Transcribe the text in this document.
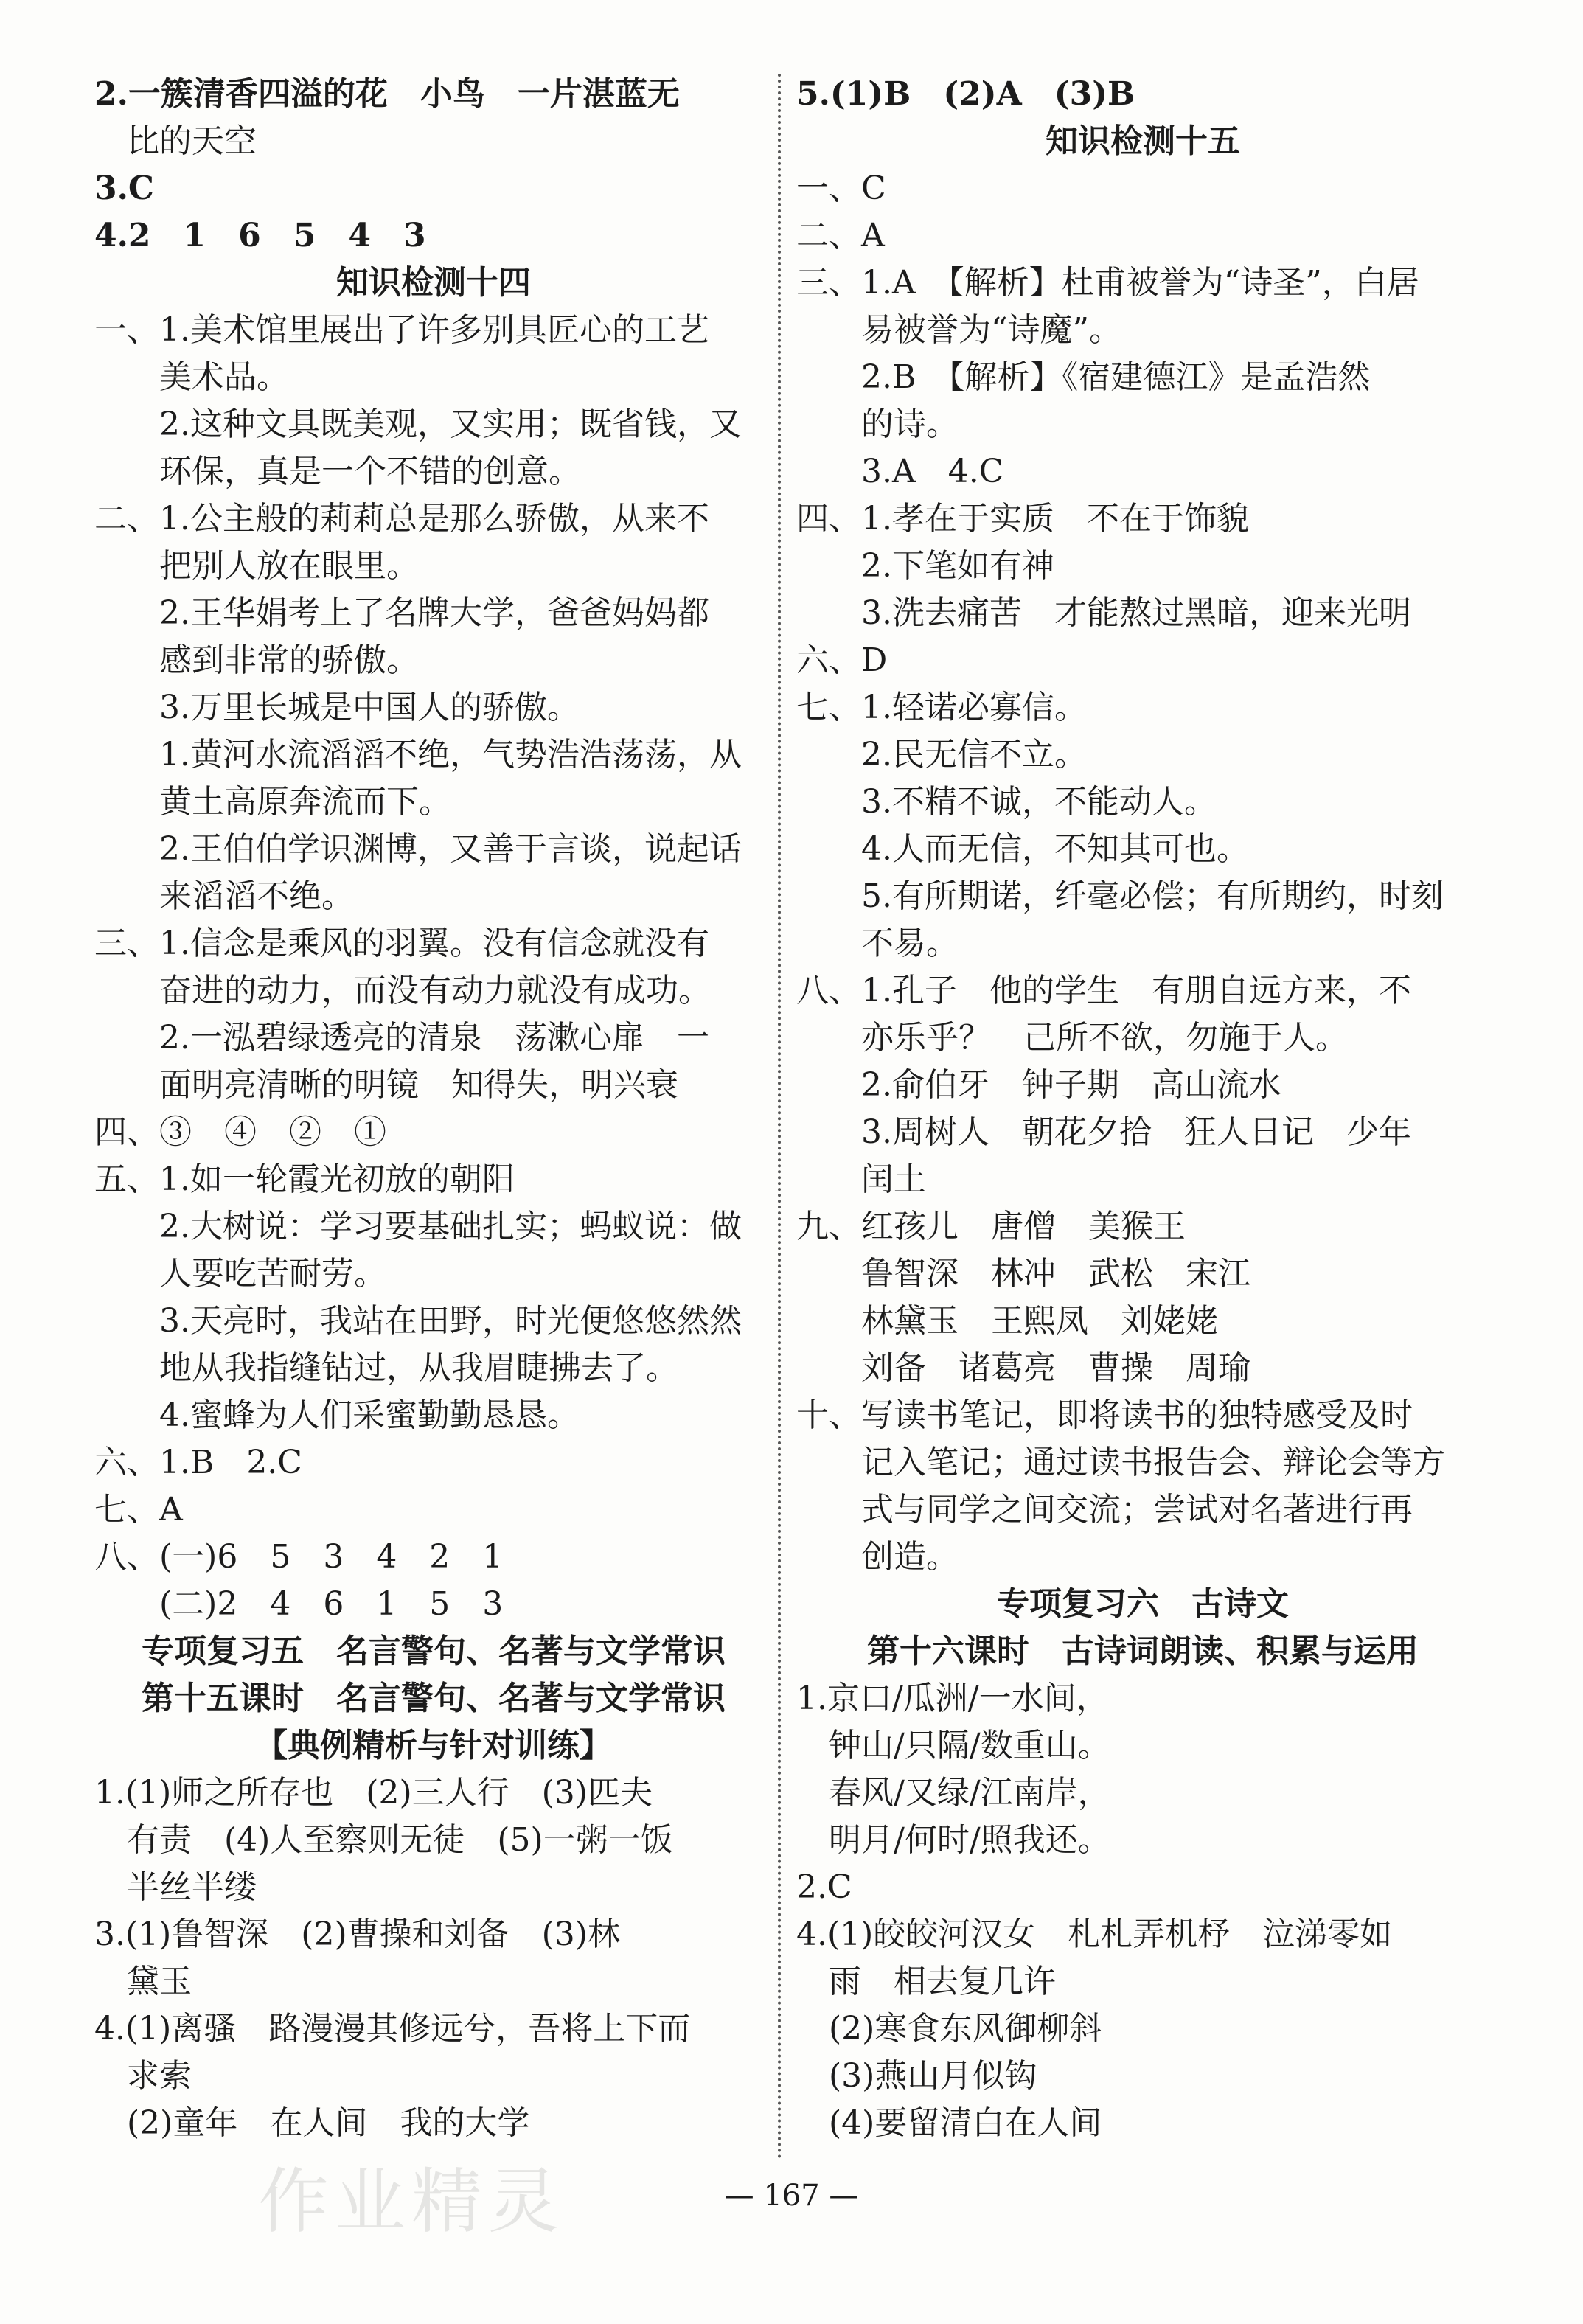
2.一簇清香四溢的花　小鸟　一片湛蓝无
　比的天空
3.C
4.2　1　6　5　4　3
知识检测十四
一、1.美术馆里展出了许多别具匠心的工艺
　　美术品。
　　2.这种文具既美观，又实用；既省钱，又
　　环保，真是一个不错的创意。
二、1.公主般的莉莉总是那么骄傲，从来不
　　把别人放在眼里。
　　2.王华娟考上了名牌大学，爸爸妈妈都
　　感到非常的骄傲。
　　3.万里长城是中国人的骄傲。
　　1.黄河水流滔滔不绝，气势浩浩荡荡，从
　　黄土高原奔流而下。
　　2.王伯伯学识渊博，又善于言谈，说起话
　　来滔滔不绝。
三、1.信念是乘风的羽翼。没有信念就没有
　　奋进的动力，而没有动力就没有成功。
　　2.一泓碧绿透亮的清泉　荡漱心扉　一
　　面明亮清晰的明镜　知得失，明兴衰
四、③　④　②　①
五、1.如一轮霞光初放的朝阳
　　2.大树说：学习要基础扎实；蚂蚁说：做
　　人要吃苦耐劳。
　　3.天亮时，我站在田野，时光便悠悠然然
　　地从我指缝钻过，从我眉睫拂去了。
　　4.蜜蜂为人们采蜜勤勤恳恳。
六、1.B　2.C
七、A
八、(一)6　5　3　4　2　1
　　(二)2　4　6　1　5　3
专项复习五　名言警句、名著与文学常识
第十五课时　名言警句、名著与文学常识
【典例精析与针对训练】
1.(1)师之所存也　(2)三人行　(3)匹夫
　有责　(4)人至察则无徒　(5)一粥一饭
　半丝半缕
3.(1)鲁智深　(2)曹操和刘备　(3)林
　黛玉
4.(1)离骚　路漫漫其修远兮，吾将上下而
　求索
　(2)童年　在人间　我的大学
5.(1)B　(2)A　(3)B
知识检测十五
一、C
二、A
三、1.A　【解析】杜甫被誉为“诗圣”，白居
　　易被誉为“诗魔”。
　　2.B　【解析】《宿建德江》是孟浩然
　　的诗。
　　3.A　4.C
四、1.孝在于实质　不在于饰貌
　　2.下笔如有神
　　3.洗去痛苦　才能熬过黑暗，迎来光明
六、D
七、1.轻诺必寡信。
　　2.民无信不立。
　　3.不精不诚，不能动人。
　　4.人而无信，不知其可也。
　　5.有所期诺，纤毫必偿；有所期约，时刻
　　不易。
八、1.孔子　他的学生　有朋自远方来，不
　　亦乐乎？　己所不欲，勿施于人。
　　2.俞伯牙　钟子期　高山流水
　　3.周树人　朝花夕拾　狂人日记　少年
　　闰土
九、红孩儿　唐僧　美猴王
　　鲁智深　林冲　武松　宋江
　　林黛玉　王熙凤　刘姥姥
　　刘备　诸葛亮　曹操　周瑜
十、写读书笔记，即将读书的独特感受及时
　　记入笔记；通过读书报告会、辩论会等方
　　式与同学之间交流；尝试对名著进行再
　　创造。
专项复习六　古诗文
第十六课时　古诗词朗读、积累与运用
1.京口/瓜洲/一水间，
　钟山/只隔/数重山。
　春风/又绿/江南岸，
　明月/何时/照我还。
2.C
4.(1)皎皎河汉女　札札弄机杼　泣涕零如
　雨　相去复几许
　(2)寒食东风御柳斜
　(3)燕山月似钩
　(4)要留清白在人间
作业精灵	— 167 —
